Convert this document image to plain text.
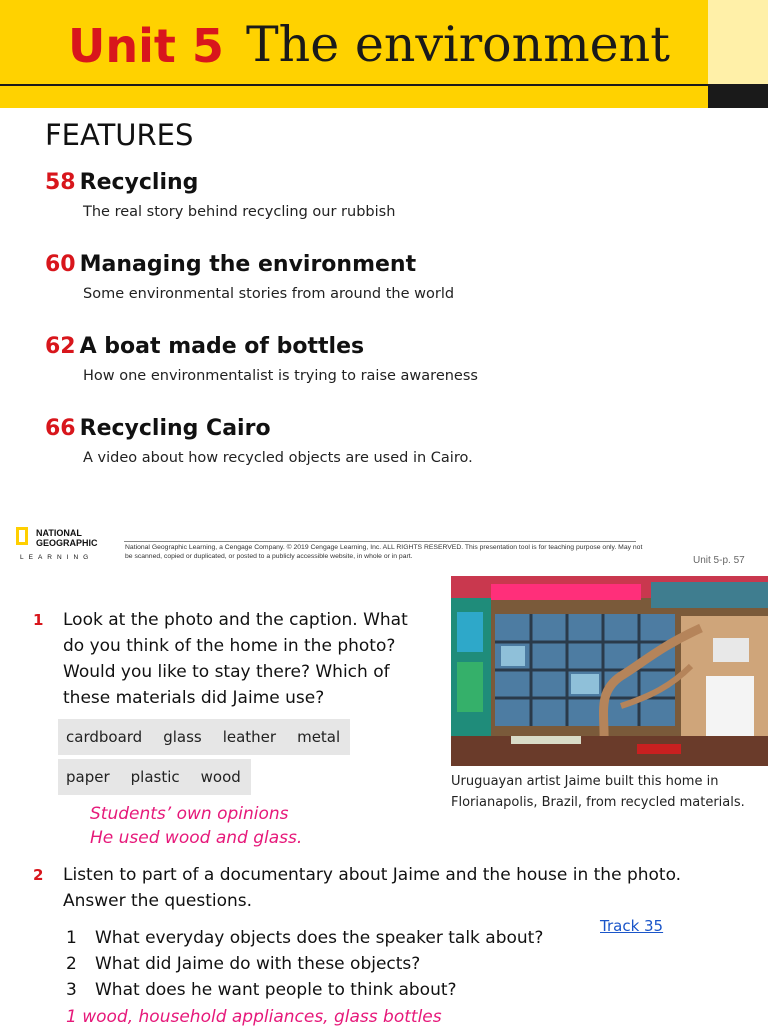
Unit 5 The environment
FEATURES
58 Recycling
The real story behind recycling our rubbish
60 Managing the environment
Some environmental stories from around the world
62 A boat made of bottles
How one environmentalist is trying to raise awareness
66 Recycling Cairo
A video about how recycled objects are used in Cairo.
NATIONAL
GEOGRAPHIC
LEARNING
National Geographic Learning, a Cengage Company. © 2019 Cengage Learning, Inc. ALL RIGHTS RESERVED. This presentation tool is for teaching purpose only. May not be scanned, copied or duplicated, or posted to a publicly accessible website, in whole or in part.	Unit 5-p. 57
1 Look at the photo and the caption. What do you think of the home in the photo? Would you like to stay there? Which of these materials did Jaime use?
cardboard glass leather metal
paper plastic wood
Students’ own opinions
He used wood and glass.
Uruguayan artist Jaime built this home in Florianapolis, Brazil, from recycled materials.
2 Listen to part of a documentary about Jaime and the house in the photo. Answer the questions.
Track 35
1 What everyday objects does the speaker talk about?
2 What did Jaime do with these objects?
3 What does he want people to think about?
1 wood, household appliances, glass bottles
